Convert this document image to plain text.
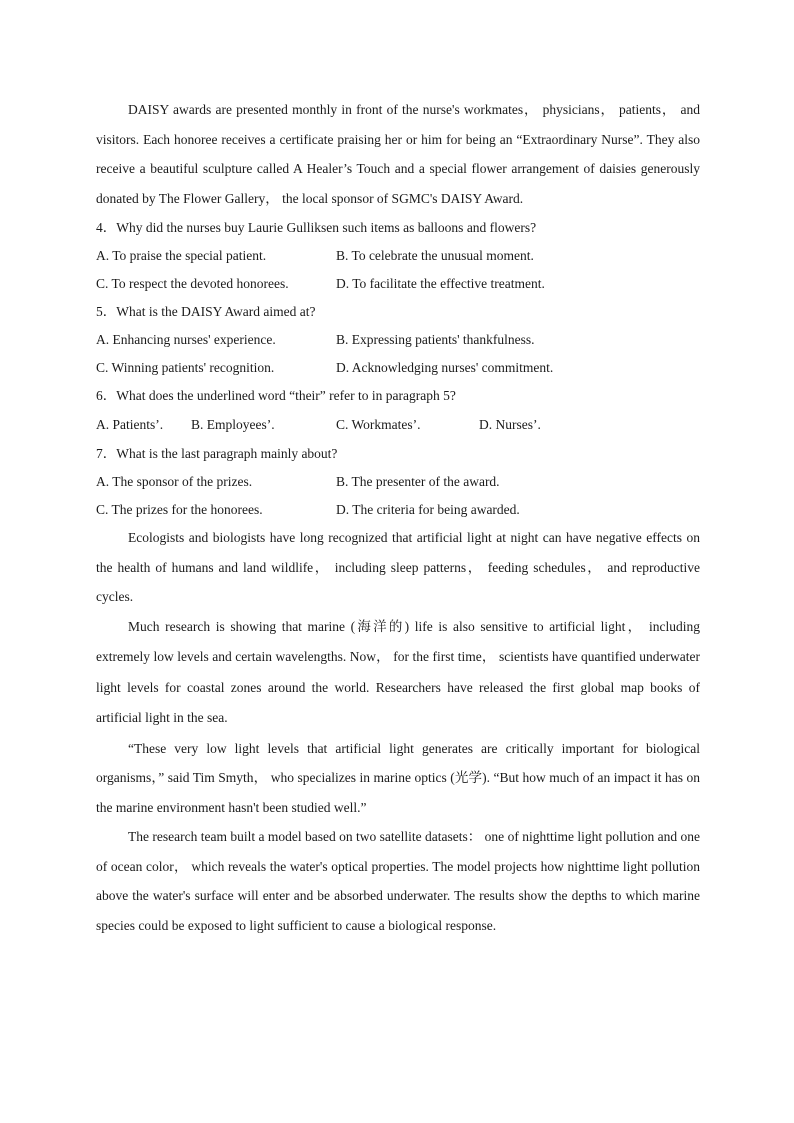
DAISY awards are presented monthly in front of the nurse's workmates， physicians， patients， and visitors. Each honoree receives a certificate praising her or him for being an “Extraordinary Nurse”. They also receive a beautiful sculpture called A Healer’s Touch and a special flower arrangement of daisies generously donated by The Flower Gallery， the local sponsor of SGMC's DAISY Award.

4．Why did the nurses buy Laurie Gulliksen such items as balloons and flowers?

A. To praise the special patient.	B. To celebrate the unusual moment.
C. To respect the devoted honorees.	D. To facilitate the effective treatment.

5．What is the DAISY Award aimed at?

A. Enhancing nurses' experience.	B. Expressing patients' thankfulness.
C. Winning patients' recognition.	D. Acknowledging nurses' commitment.

6．What does the underlined word “their” refer to in paragraph 5?

A. Patients’.	B. Employees’.	C. Workmates’.	D. Nurses’.

7．What is the last paragraph mainly about?

A. The sponsor of the prizes.	B. The presenter of the award.
C. The prizes for the honorees.	D. The criteria for being awarded.

Ecologists and biologists have long recognized that artificial light at night can have negative effects on the health of humans and land wildlife， including sleep patterns， feeding schedules， and reproductive cycles.

Much research is showing that marine (海洋的) life is also sensitive to artificial light， including extremely low levels and certain wavelengths. Now， for the first time， scientists have quantified underwater light levels for coastal zones around the world. Researchers have released the first global map books of artificial light in the sea.

“These very low light levels that artificial light generates are critically important for biological organisms，” said Tim Smyth， who specializes in marine optics (光学). “But how much of an impact it has on the marine environment hasn't been studied well.”

The research team built a model based on two satellite datasets： one of nighttime light pollution and one of ocean color， which reveals the water's optical properties. The model projects how nighttime light pollution above the water's surface will enter and be absorbed underwater. The results show the depths to which marine species could be exposed to light sufficient to cause a biological response.
